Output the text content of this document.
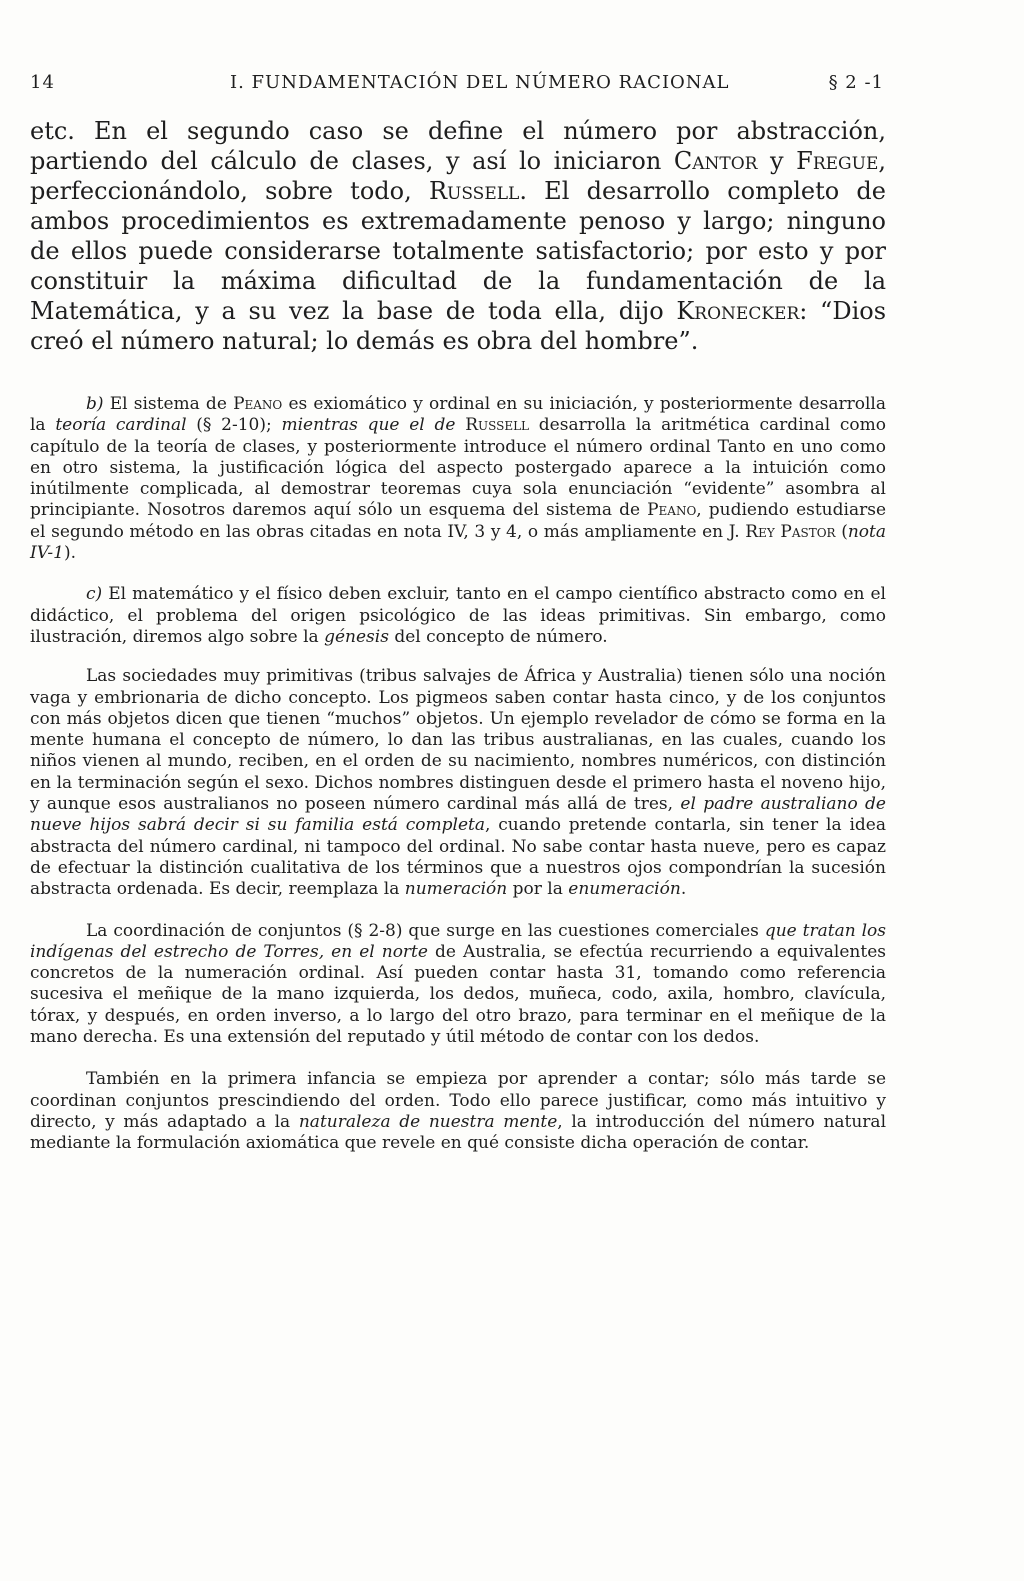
14	I. FUNDAMENTACIÓN DEL NÚMERO RACIONAL	§ 2 -1

etc. En el segundo caso se define el número por abstracción, partiendo del cálculo de clases, y así lo iniciaron Cantor y Fregue, perfeccionándolo, sobre todo, Russell. El desarrollo completo de ambos procedimientos es extremadamente penoso y largo; ninguno de ellos puede considerarse totalmente satisfactorio; por esto y por constituir la máxima dificultad de la fundamentación de la Matemática, y a su vez la base de toda ella, dijo Kronecker: “Dios creó el número natural; lo demás es obra del hombre”.

b) El sistema de Peano es exiomático y ordinal en su iniciación, y posteriormente desarrolla la teoría cardinal (§ 2-10); mientras que el de Russell desarrolla la aritmética cardinal como capítulo de la teoría de clases, y posteriormente introduce el número ordinal Tanto en uno como en otro sistema, la justificación lógica del aspecto postergado aparece a la intuición como inútilmente complicada, al demostrar teoremas cuya sola enunciación “evidente” asombra al principiante. Nosotros daremos aquí sólo un esquema del sistema de Peano, pudiendo estudiarse el segundo método en las obras citadas en nota IV, 3 y 4, o más ampliamente en J. Rey Pastor (nota IV-1).

c) El matemático y el físico deben excluir, tanto en el campo científico abstracto como en el didáctico, el problema del origen psicológico de las ideas primitivas. Sin embargo, como ilustración, diremos algo sobre la génesis del concepto de número.

Las sociedades muy primitivas (tribus salvajes de África y Australia) tienen sólo una noción vaga y embrionaria de dicho concepto. Los pigmeos saben contar hasta cinco, y de los conjuntos con más objetos dicen que tienen “muchos” objetos. Un ejemplo revelador de cómo se forma en la mente humana el concepto de número, lo dan las tribus australianas, en las cuales, cuando los niños vienen al mundo, reciben, en el orden de su nacimiento, nombres numéricos, con distinción en la terminación según el sexo. Dichos nombres distinguen desde el primero hasta el noveno hijo, y aunque esos australianos no poseen número cardinal más allá de tres, el padre australiano de nueve hijos sabrá decir si su familia está completa, cuando pretende contarla, sin tener la idea abstracta del número cardinal, ni tampoco del ordinal. No sabe contar hasta nueve, pero es capaz de efectuar la distinción cualitativa de los términos que a nuestros ojos compondrían la sucesión abstracta ordenada. Es decir, reemplaza la numeración por la enumeración.

La coordinación de conjuntos (§ 2-8) que surge en las cuestiones comerciales que tratan los indígenas del estrecho de Torres, en el norte de Australia, se efectúa recurriendo a equivalentes concretos de la numeración ordinal. Así pueden contar hasta 31, tomando como referencia sucesiva el meñique de la mano izquierda, los dedos, muñeca, codo, axila, hombro, clavícula, tórax, y después, en orden inverso, a lo largo del otro brazo, para terminar en el meñique de la mano derecha. Es una extensión del reputado y útil método de contar con los dedos.

También en la primera infancia se empieza por aprender a contar; sólo más tarde se coordinan conjuntos prescindiendo del orden. Todo ello parece justificar, como más intuitivo y directo, y más adaptado a la naturaleza de nuestra mente, la introducción del número natural mediante la formulación axiomática que revele en qué consiste dicha operación de contar.
